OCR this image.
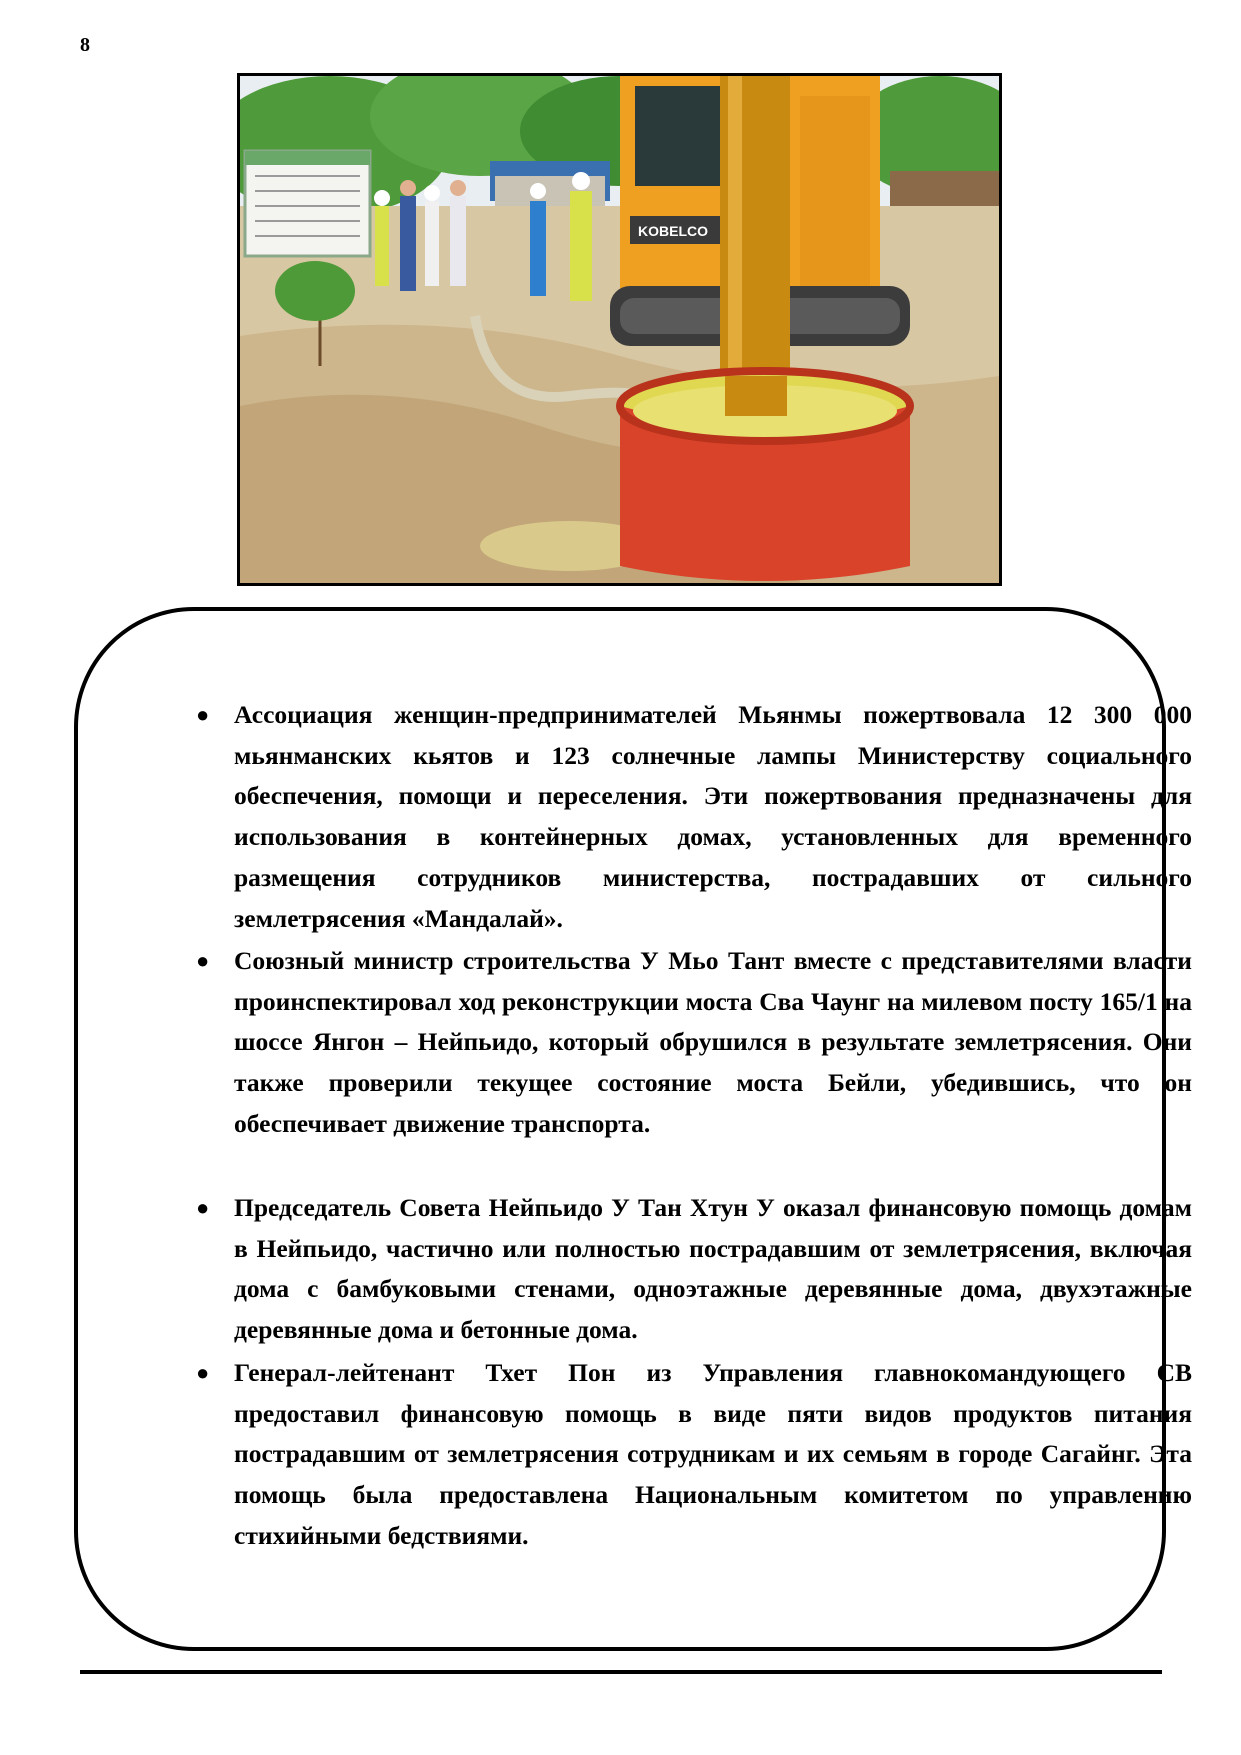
8
KOBELCO
● Ассоциация женщин-предпринимателей Мьянмы пожертвовала 12 300 000 мьянманских кьятов и 123 солнечные лампы Министерству социального обеспечения, помощи и переселения. Эти пожертвования предназначены для использования в контейнерных домах, установленных для временного размещения сотрудников министерства, пострадавших от сильного землетрясения «Мандалай».
● Союзный министр строительства У Мьо Тант вместе с представителями власти проинспектировал ход реконструкции моста Сва Чаунг на милевом посту 165/1 на шоссе Янгон – Нейпьидо, который обрушился в результате землетрясения. Они также проверили текущее состояние моста Бейли, убедившись, что он обеспечивает движение транспорта.
● Председатель Совета Нейпьидо У Тан Хтун У оказал финансовую помощь домам в Нейпьидо, частично или полностью пострадавшим от землетрясения, включая дома с бамбуковыми стенами, одноэтажные деревянные дома, двухэтажные деревянные дома и бетонные дома.
● Генерал-лейтенант Тхет Пон из Управления главнокомандующего СВ предоставил финансовую помощь в виде пяти видов продуктов питания пострадавшим от землетрясения сотрудникам и их семьям в городе Сагайнг. Эта помощь была предоставлена Национальным комитетом по управлению стихийными бедствиями.
